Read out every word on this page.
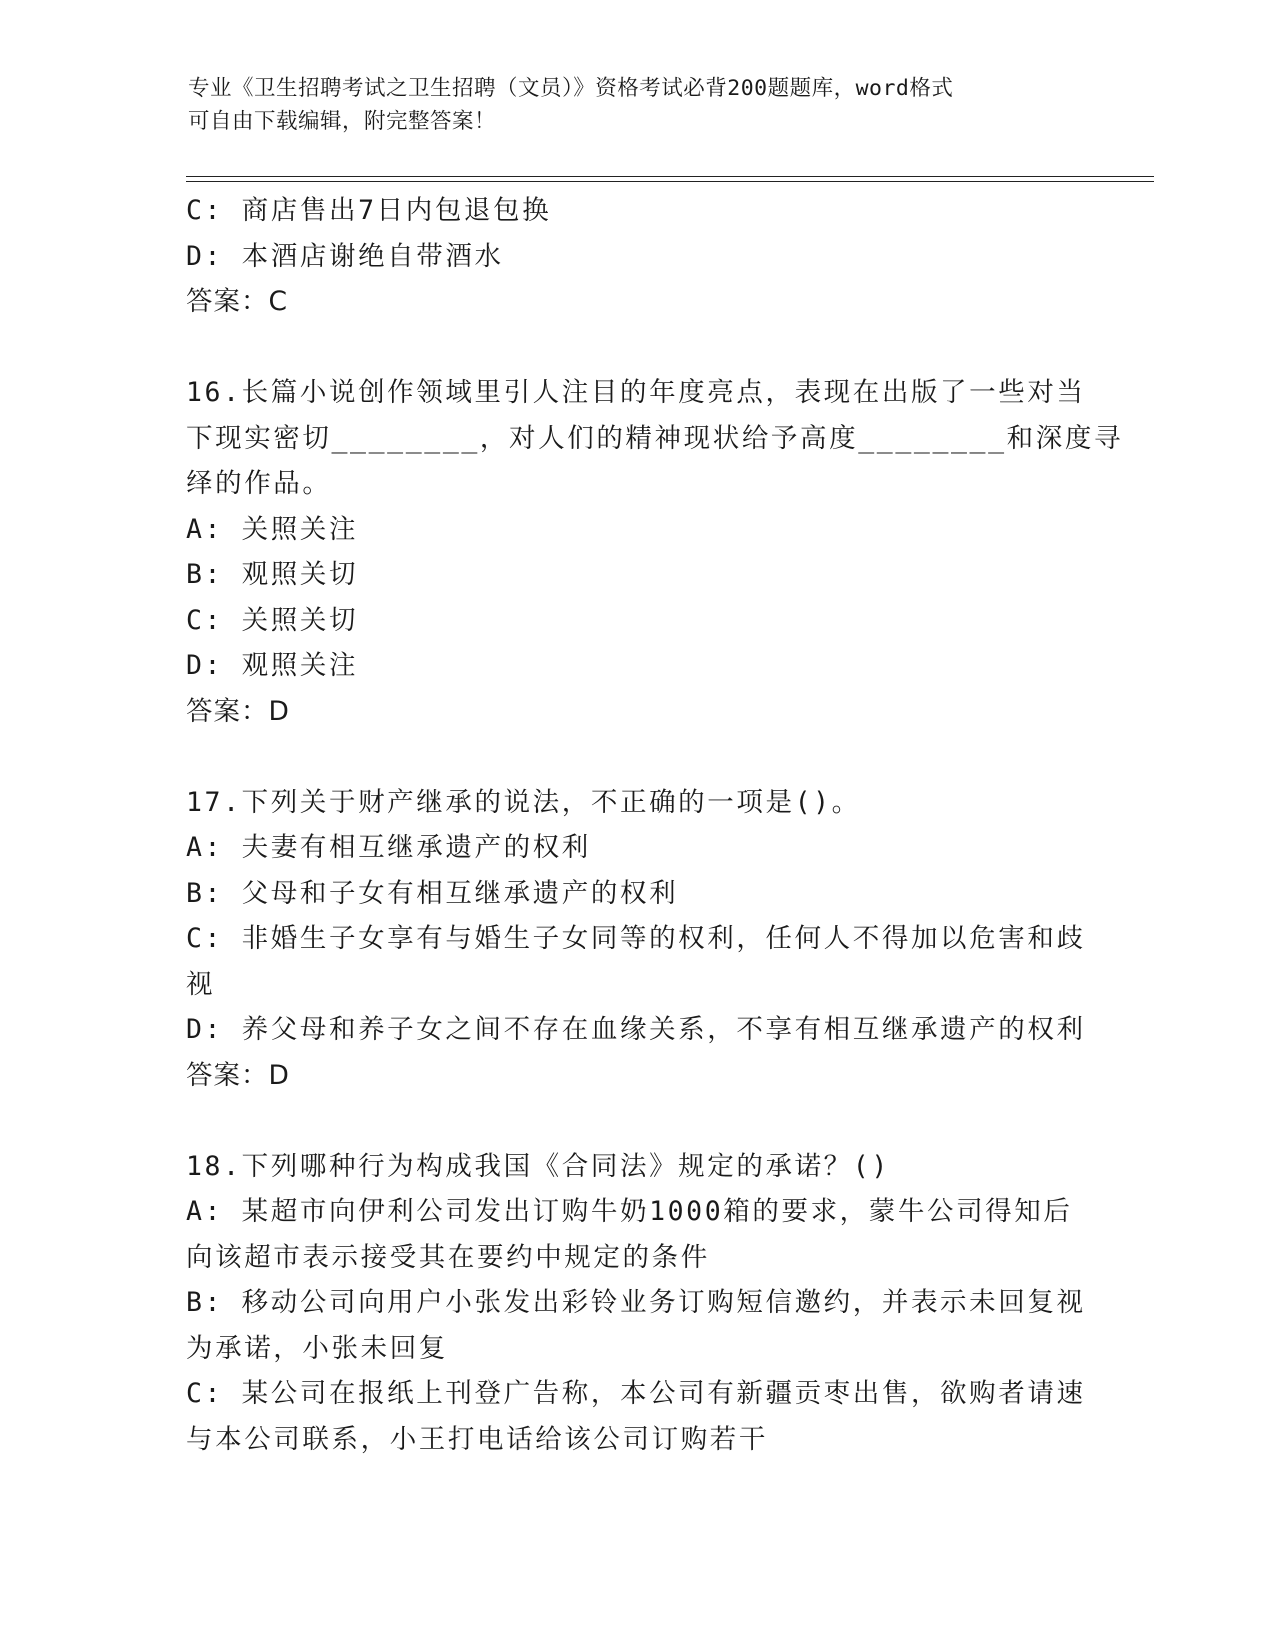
专业《卫生招聘考试之卫生招聘（文员）》资格考试必背200题题库，word格式
可自由下载编辑，附完整答案！
C: 商店售出7日内包退包换
D: 本酒店谢绝自带酒水
答案：C
16.长篇小说创作领域里引人注目的年度亮点，表现在出版了一些对当
下现实密切________，对人们的精神现状给予高度________和深度寻
绎的作品。
A: 关照关注
B: 观照关切
C: 关照关切
D: 观照关注
答案：D
17.下列关于财产继承的说法，不正确的一项是()。
A: 夫妻有相互继承遗产的权利
B: 父母和子女有相互继承遗产的权利
C: 非婚生子女享有与婚生子女同等的权利，任何人不得加以危害和歧
视
D: 养父母和养子女之间不存在血缘关系，不享有相互继承遗产的权利
答案：D
18.下列哪种行为构成我国《合同法》规定的承诺？()
A: 某超市向伊利公司发出订购牛奶1000箱的要求，蒙牛公司得知后
向该超市表示接受其在要约中规定的条件
B: 移动公司向用户小张发出彩铃业务订购短信邀约，并表示未回复视
为承诺，小张未回复
C: 某公司在报纸上刊登广告称，本公司有新疆贡枣出售，欲购者请速
与本公司联系，小王打电话给该公司订购若干
